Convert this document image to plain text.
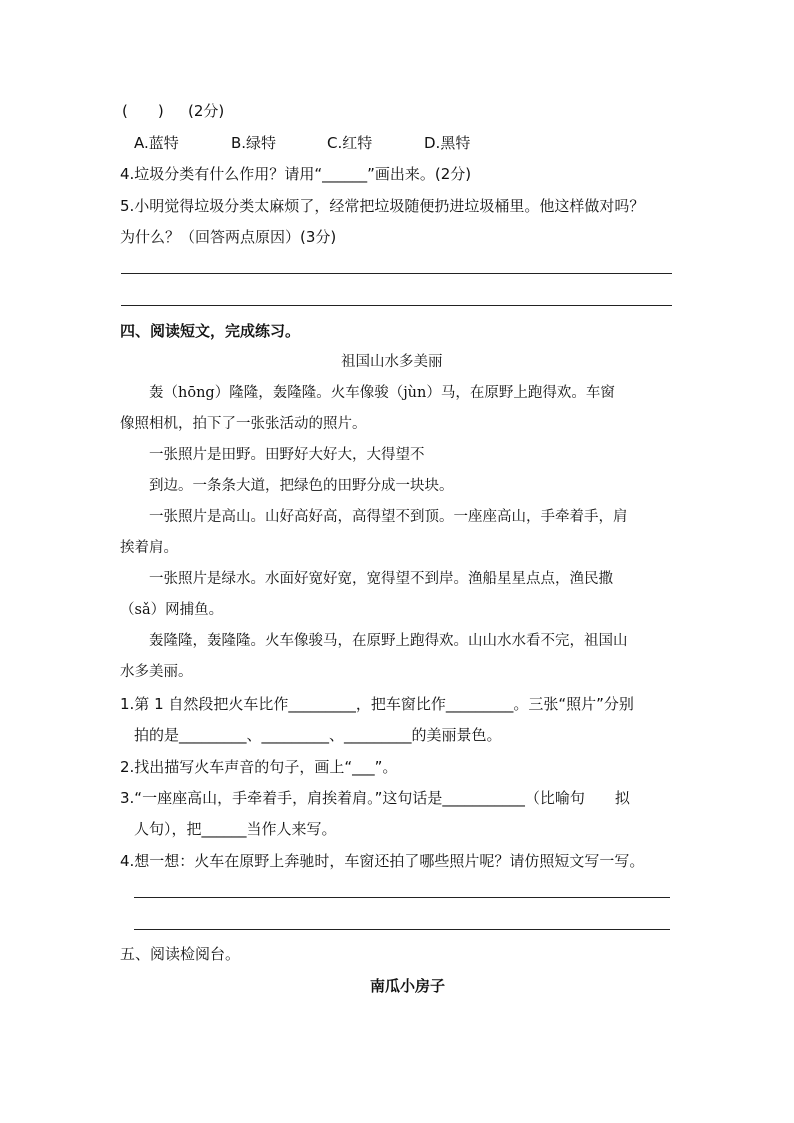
(　　) (2分)
A.蓝特	B.绿特	C.红特	D.黑特
4.垃圾分类有什么作用？请用“______”画出来。(2分)
5.小明觉得垃圾分类太麻烦了，经常把垃圾随便扔进垃圾桶里。他这样做对吗？
为什么？（回答两点原因）(3分)
四、阅读短文，完成练习。
祖国山水多美丽
轰（hōng）隆隆，轰隆隆。火车像骏（jùn）马，在原野上跑得欢。车窗
像照相机，拍下了一张张活动的照片。
一张照片是田野。田野好大好大，大得望不
到边。一条条大道，把绿色的田野分成一块块。
一张照片是高山。山好高好高，高得望不到顶。一座座高山，手牵着手，肩
挨着肩。
一张照片是绿水。水面好宽好宽，宽得望不到岸。渔船星星点点，渔民撒
（sǎ）网捕鱼。
轰隆隆，轰隆隆。火车像骏马，在原野上跑得欢。山山水水看不完，祖国山
水多美丽。
1.第 1 自然段把火车比作_________，把车窗比作_________。三张“照片”分别
拍的是_________、_________、_________的美丽景色。
2.找出描写火车声音的句子，画上“___”。
3.“一座座高山，手牵着手，肩挨着肩。”这句话是___________（比喻句　　拟
人句），把______当作人来写。
4.想一想：火车在原野上奔驰时，车窗还拍了哪些照片呢？请仿照短文写一写。
五、阅读检阅台。
南瓜小房子
